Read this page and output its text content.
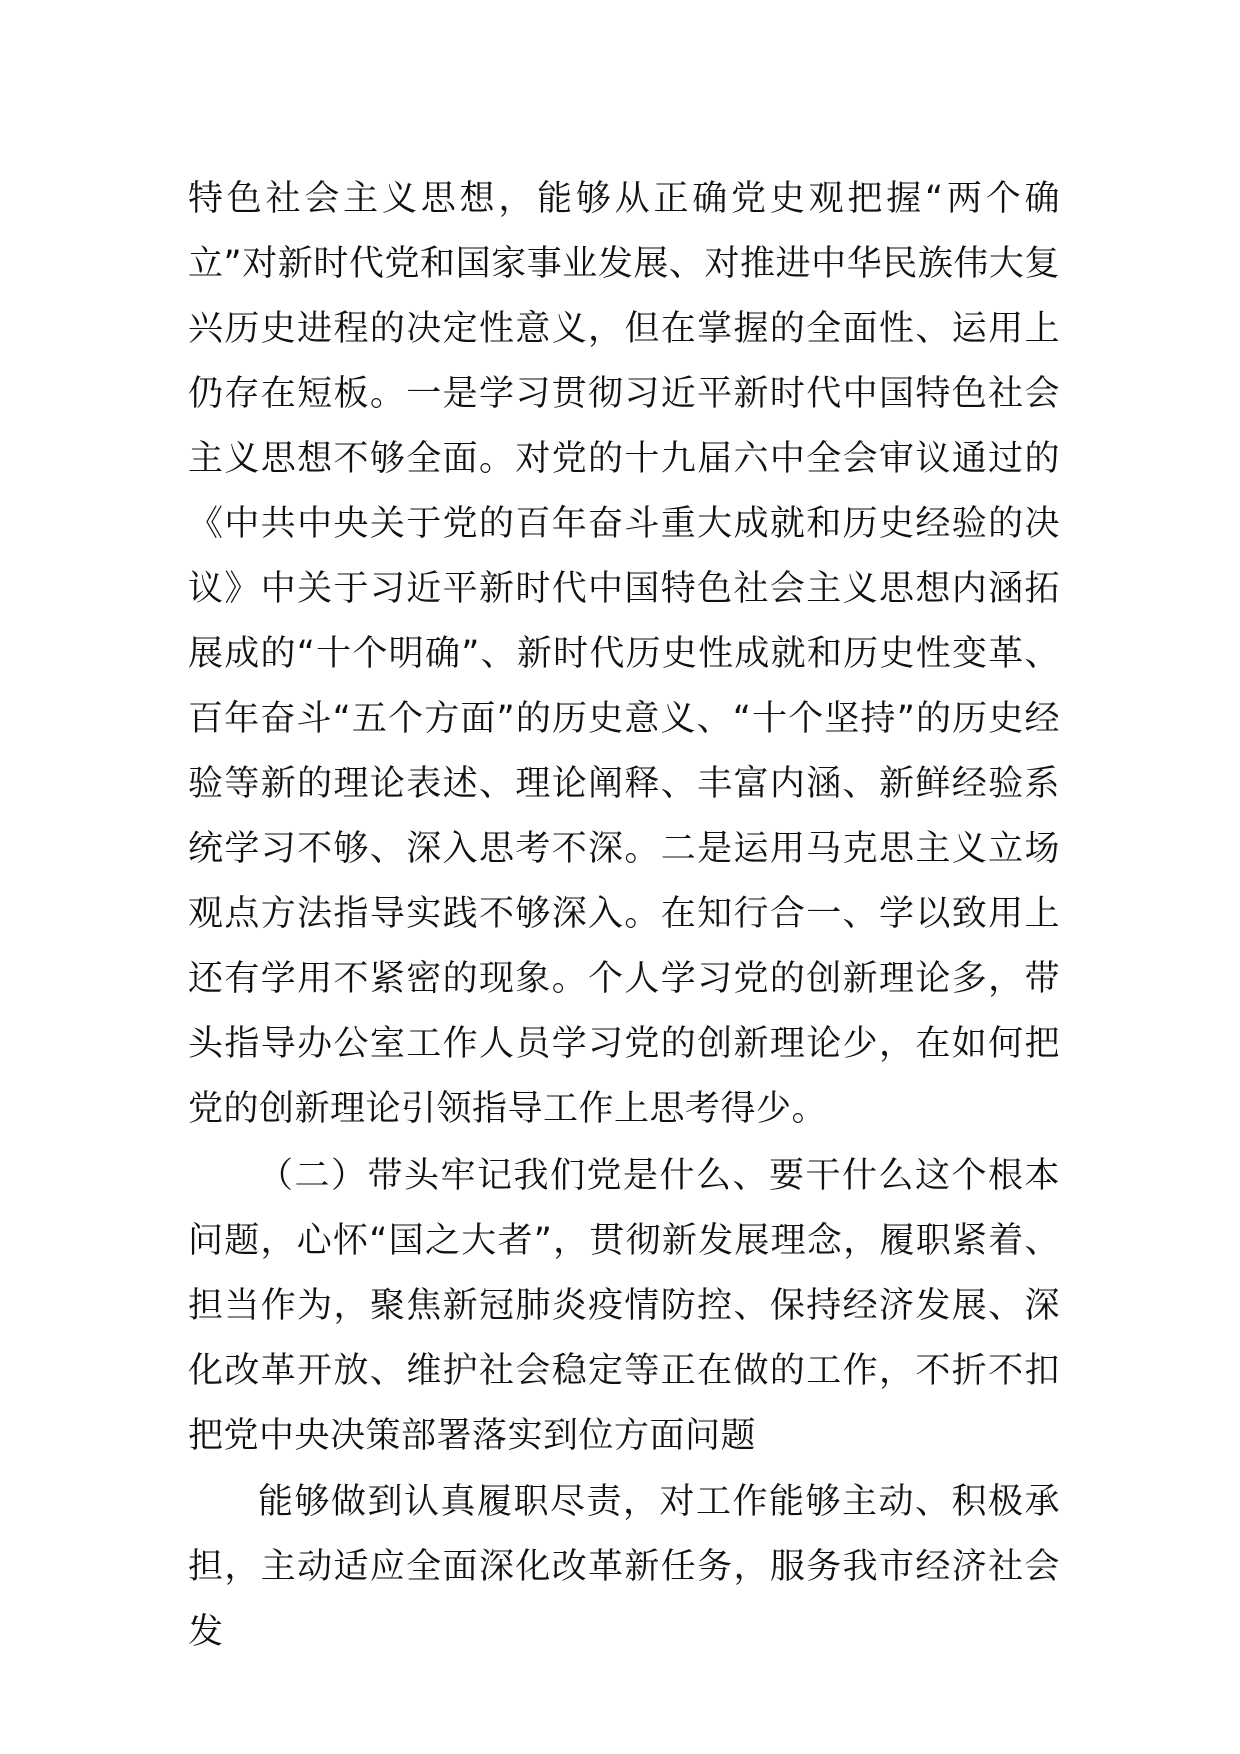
特色社会主义思想，能够从正确党史观把握“两个确立”对新时代党和国家事业发展、对推进中华民族伟大复兴历史进程的决定性意义，但在掌握的全面性、运用上仍存在短板。一是学习贯彻习近平新时代中国特色社会主义思想不够全面。对党的十九届六中全会审议通过的《中共中央关于党的百年奋斗重大成就和历史经验的决议》中关于习近平新时代中国特色社会主义思想内涵拓展成的“十个明确”、新时代历史性成就和历史性变革、百年奋斗“五个方面”的历史意义、“十个坚持”的历史经验等新的理论表述、理论阐释、丰富内涵、新鲜经验系统学习不够、深入思考不深。二是运用马克思主义立场观点方法指导实践不够深入。在知行合一、学以致用上还有学用不紧密的现象。个人学习党的创新理论多，带头指导办公室工作人员学习党的创新理论少，在如何把党的创新理论引领指导工作上思考得少。

（二）带头牢记我们党是什么、要干什么这个根本问题，心怀“国之大者”，贯彻新发展理念，履职紧着、担当作为，聚焦新冠肺炎疫情防控、保持经济发展、深化改革开放、维护社会稳定等正在做的工作，不折不扣把党中央决策部署落实到位方面问题

能够做到认真履职尽责，对工作能够主动、积极承担，主动适应全面深化改革新任务，服务我市经济社会发
